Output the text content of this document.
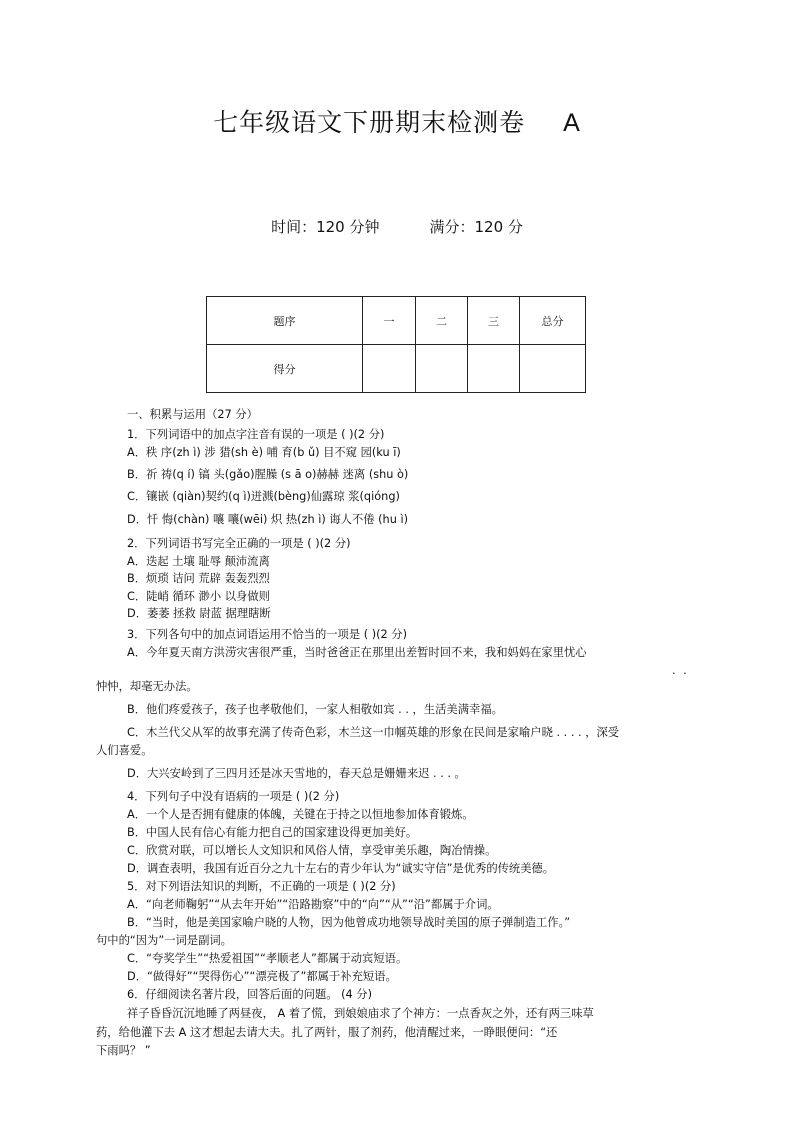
七年级语文下册期末检测卷 A
时间：120 分钟	满分：120 分
题序	一	二	三	总分
得分				
一、积累与运用（27 分）
1．下列词语中的加点字注音有误的一项是 ( )(2 分)
A．秩 序(zh ì) 涉 猎(sh è) 哺 育(b ǔ) 目不窥 园(ku ī)
B．祈 祷(q í) 镐 头(gǎo)腥臊 (s ā o)赫赫 迷离 (shu ò)
C．镶嵌 (qiàn)契约(q ì)迸溅(bèng)仙露琼 浆(qióng)
D．忏 悔(chàn) 嚷 嚷(wēi) 炽 热(zh ì) 诲人不倦 (hu ì)
2．下列词语书写完全正确的一项是 ( )(2 分)
A．迭起 土壤 耻辱 颠沛流离
B．烦琐 诘问 荒辟 轰轰烈烈
C．陡峭 循环 渺小 以身做则
D．萎萎 拯救 尉蓝 据理瞎断
3．下列各句中的加点词语运用不恰当的一项是 ( )(2 分)
A．今年夏天南方洪涝灾害很严重，当时爸爸正在那里出差暂时回不来，我和妈妈在家里忧心
. .
忡忡，却毫无办法。
B．他们疼爱孩子，孩子也孝敬他们，一家人相敬如宾 . . ，生活美满幸福。
C．木兰代父从军的故事充满了传奇色彩，木兰这一巾帼英雄的形象在民间是家喻户晓 . . . . ，深受
人们喜爱。
D．大兴安岭到了三四月还是冰天雪地的，春天总是姗姗来迟 . . . 。
4．下列句子中没有语病的一项是 ( )(2 分)
A．一个人是否拥有健康的体魄，关键在于持之以恒地参加体育锻炼。
B．中国人民有信心有能力把自己的国家建设得更加美好。
C．欣赏对联，可以增长人文知识和风俗人情，享受审美乐趣，陶冶情操。
D．调查表明，我国有近百分之九十左右的青少年认为“诚实守信”是优秀的传统美德。
5．对下列语法知识的判断，不正确的一项是 ( )(2 分)
A．“向老师鞠躬”“从去年开始”“沿路勘察”中的“向”“从”“沿”都属于介词。
B．“当时，他是美国家喻户晓的人物，因为他曾成功地领导战时美国的原子弹制造工作。”
句中的“因为”一词是副词。
C．“夸奖学生”“热爱祖国”“孝顺老人”都属于动宾短语。
D．“做得好”“哭得伤心”“漂亮极了”都属于补充短语。
6．仔细阅读名著片段，回答后面的问题。 (4 分)
祥子昏昏沉沉地睡了两昼夜， A 着了慌，到娘娘庙求了个神方：一点香灰之外，还有两三味草
药，给他灌下去 A 这才想起去请大夫。扎了两针，服了剂药，他清醒过来，一睁眼便问：“还
下雨吗？ ”
